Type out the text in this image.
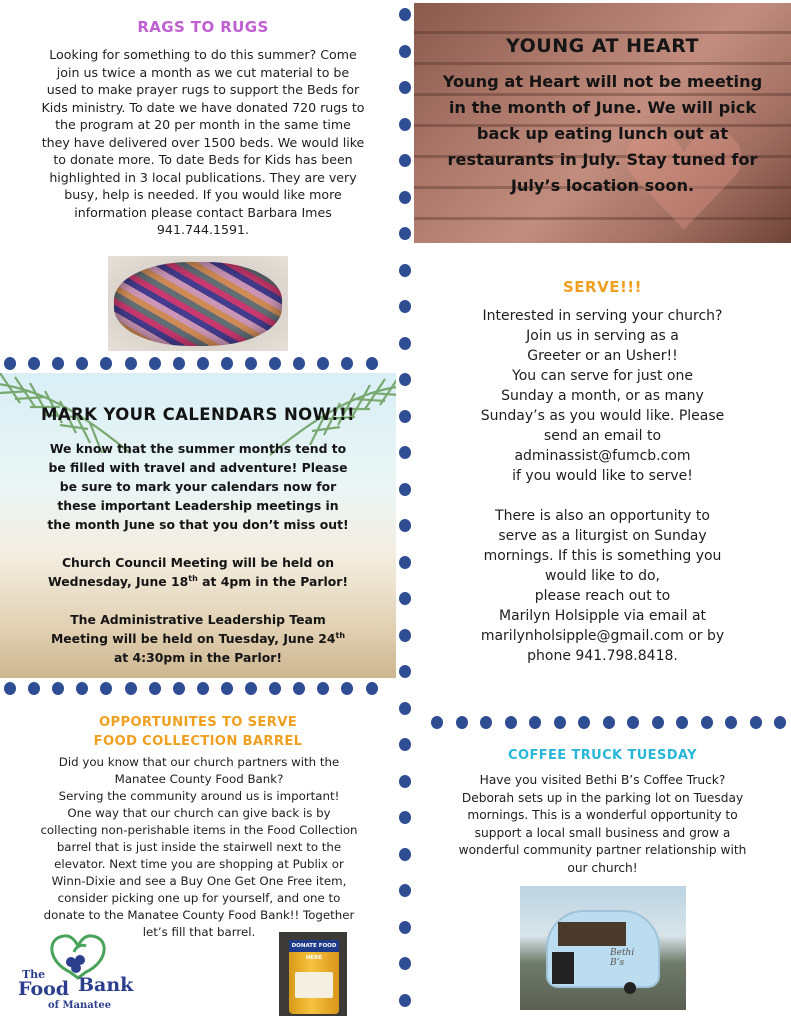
RAGS TO RUGS
Looking for something to do this summer? Come
join us twice a month as we cut material to be
used to make prayer rugs to support the Beds for
Kids ministry. To date we have donated 720 rugs to
the program at 20 per month in the same time
they have delivered over 1500 beds. We would like
to donate more. To date Beds for Kids has been
highlighted in 3 local publications. They are very
busy, help is needed. If you would like more
information please contact Barbara Imes
941.744.1591.
YOUNG AT HEART
Young at Heart will not be meeting
in the month of June. We will pick
back up eating lunch out at
restaurants in July. Stay tuned for
July’s location soon.
SERVE!!!

Interested in serving your church?
Join us in serving as a
Greeter or an Usher!!
You can serve for just one
Sunday a month, or as many
Sunday’s as you would like. Please
send an email to
adminassist@fumcb.com
if you would like to serve!

There is also an opportunity to
serve as a liturgist on Sunday
mornings. If this is something you
would like to do,
please reach out to
Marilyn Holsipple via email at
marilynholsipple@gmail.com or by
phone 941.798.8418.

MARK YOUR CALENDARS NOW!!!

We know that the summer months tend to
be filled with travel and adventure! Please
be sure to mark your calendars now for
these important Leadership meetings in
the month June so that you don’t miss out!

Church Council Meeting will be held on
Wednesday, June 18th at 4pm in the Parlor!

The Administrative Leadership Team
Meeting will be held on Tuesday, June 24th
at 4:30pm in the Parlor!

OPPORTUNITES TO SERVE
FOOD COLLECTION BARREL
Did you know that our church partners with the
Manatee County Food Bank?
Serving the community around us is important!
One way that our church can give back is by
collecting non-perishable items in the Food Collection
barrel that is just inside the stairwell next to the
elevator. Next time you are shopping at Publix or
Winn-Dixie and see a Buy One Get One Free item,
consider picking one up for yourself, and one to
donate to the Manatee County Food Bank!! Together
let’s fill that barrel.
The
Food Bank
of Manatee
DONATE FOOD HERE
COFFEE TRUCK TUESDAY
Have you visited Bethi B’s Coffee Truck?
Deborah sets up in the parking lot on Tuesday
mornings. This is a wonderful opportunity to
support a local small business and grow a
wonderful community partner relationship with
our church!
Bethi B’s
